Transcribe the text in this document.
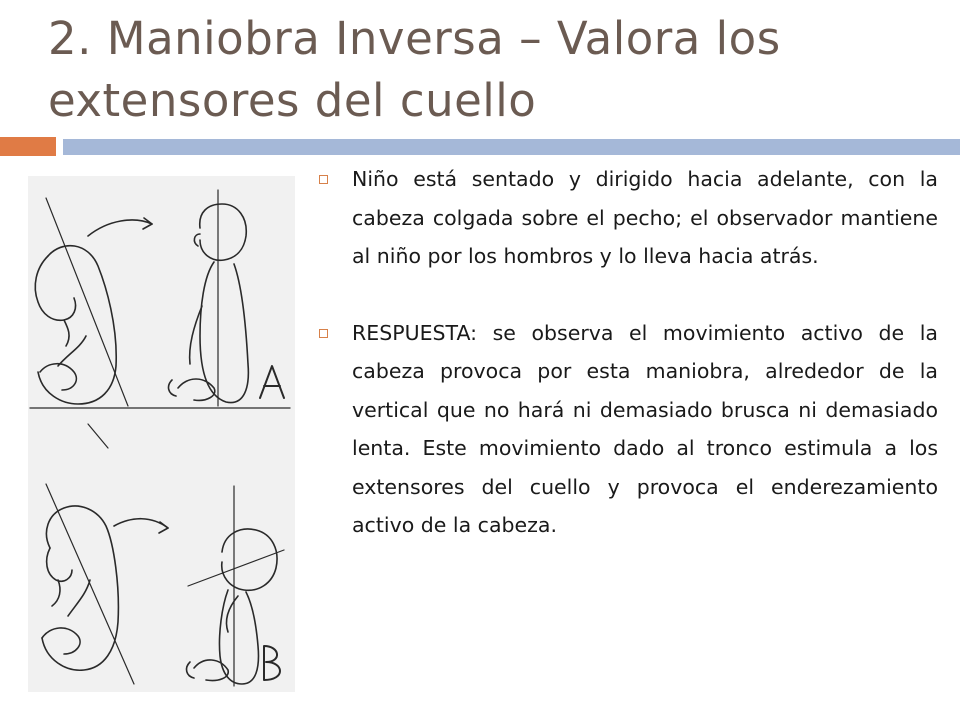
2. Maniobra Inversa – Valora los extensores del cuello
Niño está sentado y dirigido hacia adelante, con la cabeza colgada sobre el pecho; el observador mantiene al niño por los hombros y lo lleva hacia atrás.
RESPUESTA: se observa el movimiento activo de la cabeza provoca por esta maniobra, alrededor de la vertical que no hará ni demasiado brusca ni demasiado lenta. Este movimiento dado al tronco estimula a los extensores del cuello y provoca el enderezamiento activo de la cabeza.
